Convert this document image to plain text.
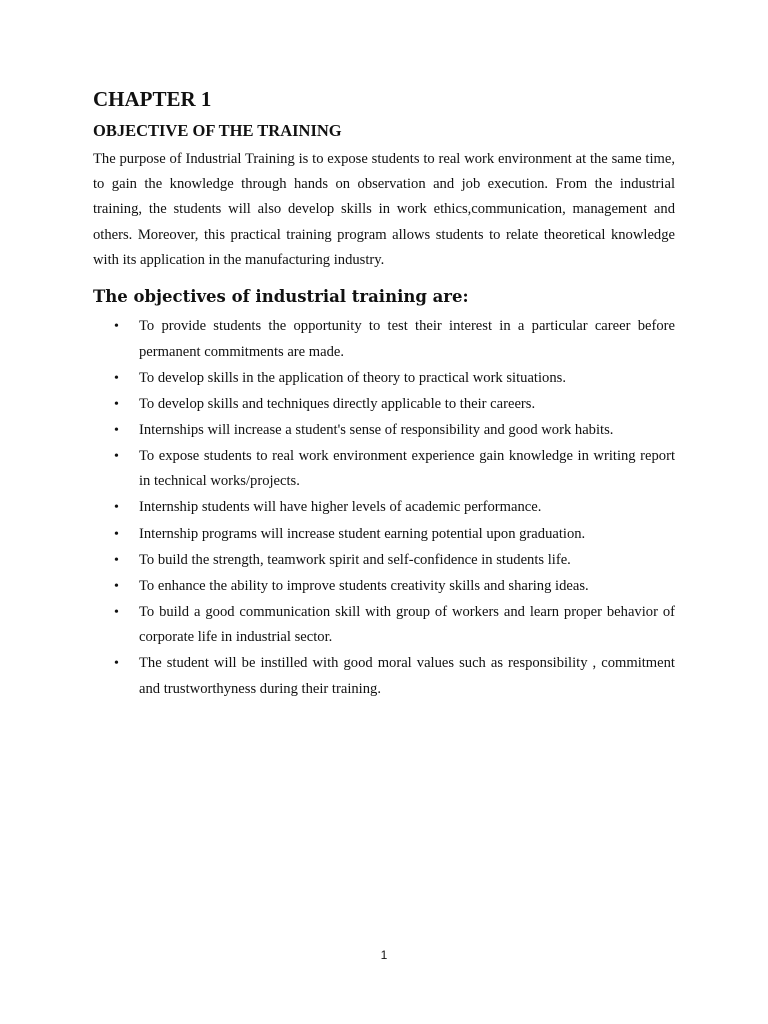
CHAPTER 1
OBJECTIVE OF THE TRAINING

The purpose of Industrial Training is to expose students to real work environment at the same time, to gain the knowledge through hands on observation and job execution. From the industrial training, the students will also develop skills in work ethics,communication, management and others. Moreover, this practical training program allows students to relate theoretical knowledge with its application in the manufacturing industry.

The objectives of industrial training are:
• To provide students the opportunity to test their interest in a particular career before permanent commitments are made.
• To develop skills in the application of theory to practical work situations.
• To develop skills and techniques directly applicable to their careers.
• Internships will increase a student's sense of responsibility and good work habits.
• To expose students to real work environment experience gain knowledge in writing report in technical works/projects.
• Internship students will have higher levels of academic performance.
• Internship programs will increase student earning potential upon graduation.
• To build the strength, teamwork spirit and self-confidence in students life.
• To enhance the ability to improve students creativity skills and sharing ideas.
• To build a good communication skill with group of workers and learn proper behavior of corporate life in industrial sector.
• The student will be instilled with good moral values such as responsibility , commitment and trustworthyness during their training.

1
